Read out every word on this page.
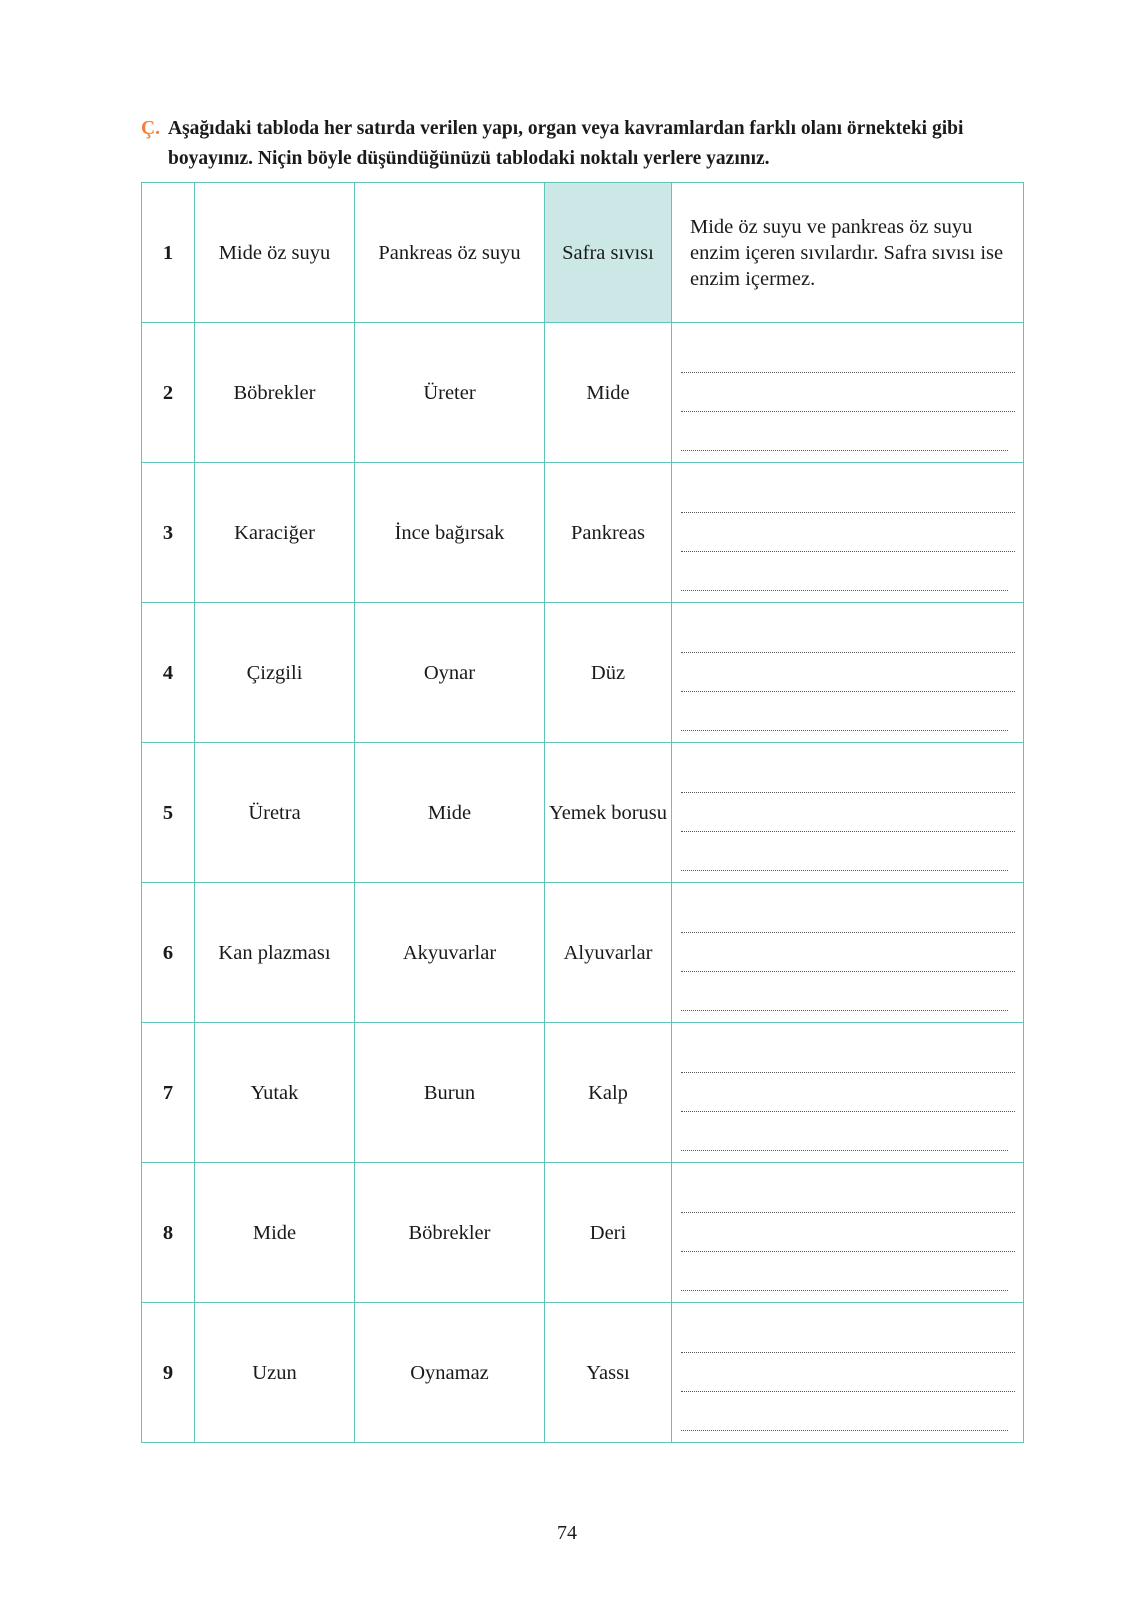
Ç. Aşağıdaki tabloda her satırda verilen yapı, organ veya kavramlardan farklı olanı örnekteki gibi boyayınız. Niçin böyle düşündüğünüzü tablodaki noktalı yerlere yazınız.
1	Mide öz suyu	Pankreas öz suyu	Safra sıvısı	Mide öz suyu ve pankreas öz suyu enzim içeren sıvılardır. Safra sıvısı ise enzim içermez.
2	Böbrekler	Üreter	Mide	

3	Karaciğer	İnce bağırsak	Pankreas	

4	Çizgili	Oynar	Düz	

5	Üretra	Mide	Yemek borusu	

6	Kan plazması	Akyuvarlar	Alyuvarlar	

7	Yutak	Burun	Kalp	

8	Mide	Böbrekler	Deri	

9	Uzun	Oynamaz	Yassı	
74
